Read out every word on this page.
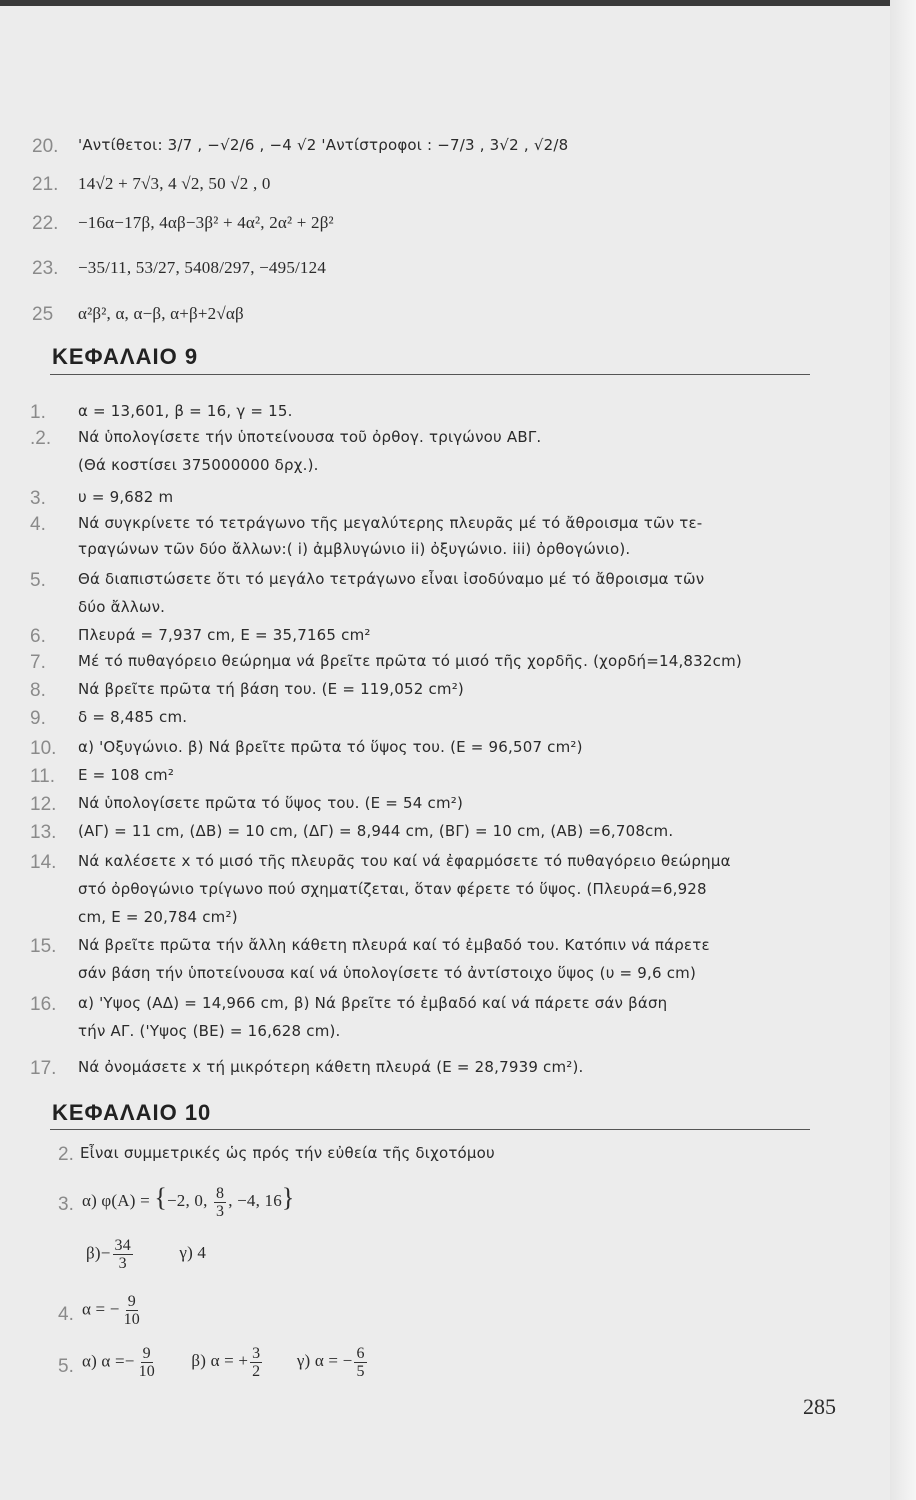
20. 'Αντίθετοι: 3/7 , −√2/6 , −4 √2 'Αντίστροφοι : −7/3 , 3√2 , √2/8
21. 14√2 + 7√3, 4 √2, 50 √2 , 0
22. −16α−17β, 4αβ−3β² + 4α², 2α² + 2β²
23. −35/11, 53/27, 5408/297, −495/124
25 α²β², α, α−β, α+β+2√αβ
ΚΕΦΑΛΑΙΟ 9
1. α = 13,601, β = 16, γ = 15.
.2. Νά ὑπολογίσετε τήν ὑποτείνουσα τοῦ ὀρθογ. τριγώνου ΑΒΓ.
(Θά κοστίσει 375000000 δρχ.).
3. υ = 9,682 m
4. Νά συγκρίνετε τό τετράγωνο τῆς μεγαλύτερης πλευρᾶς μέ τό ἄθροισμα τῶν τε-
τραγώνων τῶν δύο ἄλλων:( i) ἀμβλυγώνιο ii) ὀξυγώνιο. iii) ὀρθογώνιο).
5. Θά διαπιστώσετε ὅτι τό μεγάλο τετράγωνο εἶναι ἰσοδύναμο μέ τό ἄθροισμα τῶν
δύο ἄλλων.
6. Πλευρά = 7,937 cm, Ε = 35,7165 cm²
7. Μέ τό πυθαγόρειο θεώρημα νά βρεῖτε πρῶτα τό μισό τῆς χορδῆς. (χορδή=14,832cm)
8. Νά βρεῖτε πρῶτα τή βάση του. (Ε = 119,052 cm²)
9. δ = 8,485 cm.
10. α) 'Οξυγώνιο. β) Νά βρεῖτε πρῶτα τό ὕψος του. (Ε = 96,507 cm²)
11. Ε = 108 cm²
12. Νά ὑπολογίσετε πρῶτα τό ὕψος του. (Ε = 54 cm²)
13. (ΑΓ) = 11 cm, (ΔΒ) = 10 cm, (ΔΓ) = 8,944 cm, (ΒΓ) = 10 cm, (ΑΒ) =6,708cm.
14. Νά καλέσετε x τό μισό τῆς πλευρᾶς του καί νά ἐφαρμόσετε τό πυθαγόρειο θεώρημα
στό ὀρθογώνιο τρίγωνο πού σχηματίζεται, ὅταν φέρετε τό ὕψος. (Πλευρά=6,928
cm, Ε = 20,784 cm²)
15. Νά βρεῖτε πρῶτα τήν ἄλλη κάθετη πλευρά καί τό ἐμβαδό του. Κατόπιν νά πάρετε
σάν βάση τήν ὑποτείνουσα καί νά ὑπολογίσετε τό ἀντίστοιχο ὕψος (υ = 9,6 cm)
16. α) 'Υψος (ΑΔ) = 14,966 cm, β) Νά βρεῖτε τό ἐμβαδό καί νά πάρετε σάν βάση
τήν ΑΓ. ('Υψος (ΒΕ) = 16,628 cm).
17. Νά ὀνομάσετε x τή μικρότερη κάθετη πλευρά (Ε = 28,7939 cm²).
ΚΕΦΑΛΑΙΟ 10
2. Εἶναι συμμετρικές ὡς πρός τήν εὐθεία τῆς διχοτόμου
3. α) φ(Α) = {−2, 0, $\frac{8}{3}$ , −4, 16}
$\beta)- \frac{34}{3}$	γ) 4
4. α = − $\frac{9}{10}$
5. α) $\alpha =- \frac{9}{10} \beta$) α = + $\frac{3}{2} \gamma$) α = − $\frac{6}{5}$
285
